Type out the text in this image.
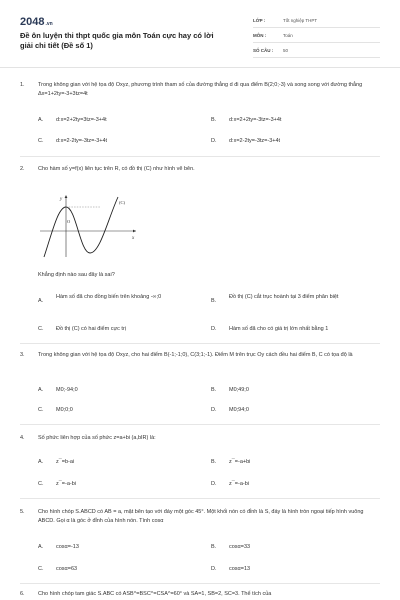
2048.vn
Đề ôn luyện thi thpt quốc gia môn Toán cực hay có lời giải chi tiết (Đề số 1)
LỚP :	Tốt nghiệp THPT
MÔN :	Toán
SỐ CÂU : 50
1. Trong không gian với hệ tọa độ Oxyz, phương trình tham số của đường thẳng d đi qua điểm B(2;0;-3) và song song với đường thẳng Δx=1+2ty=-3+3tz=4t
A. d:x=2+2ty=3tz=-3+4t	B. d:x=2+2ty=-3tz=-3+4t
C. d:x=2-2ty=-3tz=-3+4t	D. d:x=2-2ty=-3tz=-3+4t
2. Cho hàm số y=f(x) liên tục trên R, có đồ thị (C) như hình vẽ bên.
y
x
(C)
O
Khẳng định nào sau đây là sai?
A.
Hàm số đã cho đồng biến trên khoảng -∞;0
B.
Đồ thị (C) cắt trục hoành tại 3 điểm phân biệt
C. Đồ thị (C) có hai điểm cực trị	D. Hàm số đã cho có giá trị lớn nhất bằng 1
3. Trong không gian với hệ tọa độ Oxyz, cho hai điểm B(-1;-1;0), C(3;1;-1). Điểm M trên trục Oy cách đều hai điểm B, C có tọa độ là
A. M0;-94;0	B. M0;49;0
C. M0;0;0	D. M0;94;0
4. Số phức liên hợp của số phức z=a+bi (a,bIR) là:
A. z¯=b-ai	B. z¯=-a+bi
C. z¯=-a-bi	D. z¯=-a-bi
5. Cho hình chóp S.ABCD có AB = a, mặt bên tạo với đáy một góc 45°. Một khối nón có đỉnh là S, đáy là hình tròn ngoại tiếp hình vuông ABCD. Gọi α là góc ở đỉnh của hình nón. Tính cosα
A. cosα=-13	B. cosα=33
C. cosα=63	D. cosα=13
6. Cho hình chóp tam giác S.ABC có ASB^=BSC^=CSA^=60° và SA=1, SB=2, SC=3. Thể tích của
